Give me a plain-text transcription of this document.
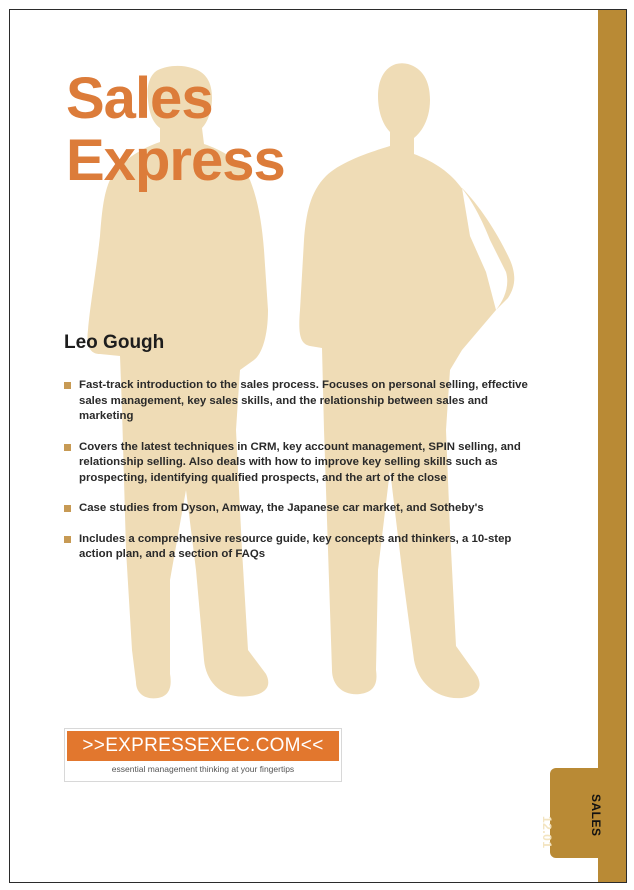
12.01	SALES
Sales
Express
Leo Gough
Fast-track introduction to the sales process. Focuses on personal selling, effective sales management, key sales skills, and the relationship between sales and marketing
Covers the latest techniques in CRM, key account management, SPIN selling, and relationship selling. Also deals with how to improve key selling skills such as prospecting, identifying qualified prospects, and the art of the close
Case studies from Dyson, Amway, the Japanese car market, and Sotheby's
Includes a comprehensive resource guide, key concepts and thinkers, a 10-step action plan, and a section of FAQs
>>EXPRESSEXEC.COM<<
essential management thinking at your fingertips
